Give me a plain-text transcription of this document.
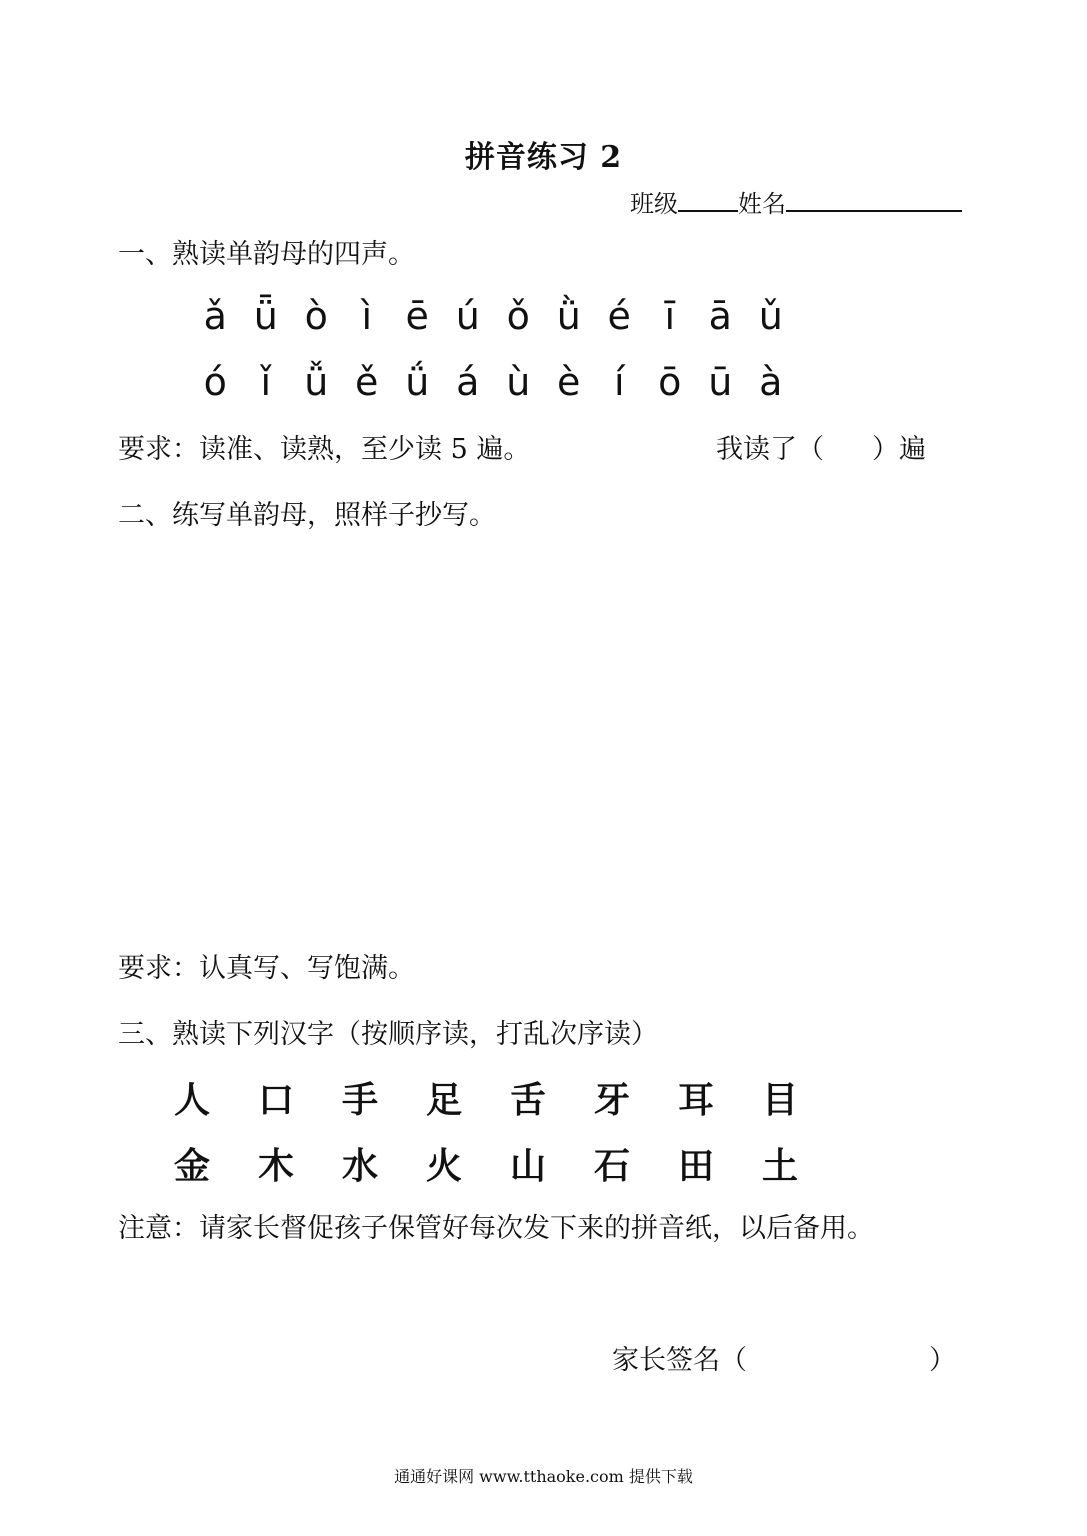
拼音练习 2
班级	姓名
一、熟读单韵母的四声。
ǎ ǖ ò ì ē ú ǒ ǜ é ī ā ǔ
ó ǐ ǚ ě ǘ á ù è í ō ū à
要求：读准、读熟，至少读 5 遍。	我读了（ ）遍
二、练写单韵母，照样子抄写。
要求：认真写、写饱满。
三、熟读下列汉字（按顺序读，打乱次序读）
人 口 手 足 舌 牙 耳 目
金 木 水 火 山 石 田 土
注意：请家长督促孩子保管好每次发下来的拼音纸，以后备用。
家长签名（	）
通通好课网 www.tthaoke.com 提供下载
